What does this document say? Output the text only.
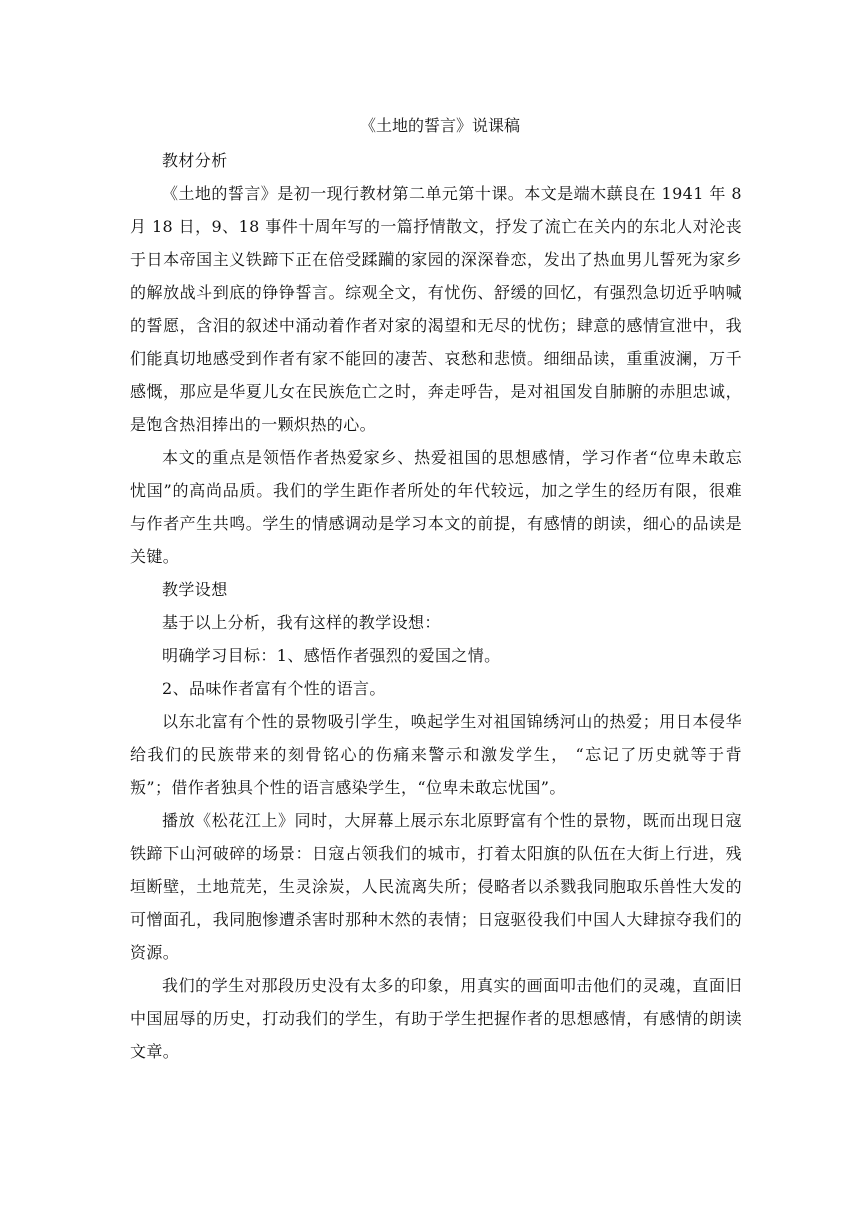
《土地的誓言》说课稿

教材分析

《土地的誓言》是初一现行教材第二单元第十课。本文是端木蕻良在 1941 年 8 月 18 日，9、18 事件十周年写的一篇抒情散文，抒发了流亡在关内的东北人对沦丧于日本帝国主义铁蹄下正在倍受蹂躏的家园的深深眷恋，发出了热血男儿誓死为家乡的解放战斗到底的铮铮誓言。综观全文，有忧伤、舒缓的回忆，有强烈急切近乎呐喊的誓愿，含泪的叙述中涌动着作者对家的渴望和无尽的忧伤；肆意的感情宣泄中，我们能真切地感受到作者有家不能回的凄苦、哀愁和悲愤。细细品读，重重波澜，万千感慨，那应是华夏儿女在民族危亡之时，奔走呼告，是对祖国发自肺腑的赤胆忠诚，是饱含热泪捧出的一颗炽热的心。

本文的重点是领悟作者热爱家乡、热爱祖国的思想感情，学习作者“位卑未敢忘忧国”的高尚品质。我们的学生距作者所处的年代较远，加之学生的经历有限，很难与作者产生共鸣。学生的情感调动是学习本文的前提，有感情的朗读，细心的品读是关键。

教学设想

基于以上分析，我有这样的教学设想：

明确学习目标：1、感悟作者强烈的爱国之情。

2、品味作者富有个性的语言。

以东北富有个性的景物吸引学生，唤起学生对祖国锦绣河山的热爱；用日本侵华给我们的民族带来的刻骨铭心的伤痛来警示和激发学生， “忘记了历史就等于背叛”；借作者独具个性的语言感染学生，“位卑未敢忘忧国”。

播放《松花江上》同时，大屏幕上展示东北原野富有个性的景物，既而出现日寇铁蹄下山河破碎的场景：日寇占领我们的城市，打着太阳旗的队伍在大街上行进，残垣断壁，土地荒芜，生灵涂炭，人民流离失所；侵略者以杀戮我同胞取乐兽性大发的可憎面孔，我同胞惨遭杀害时那种木然的表情；日寇驱役我们中国人大肆掠夺我们的资源。

我们的学生对那段历史没有太多的印象，用真实的画面叩击他们的灵魂，直面旧中国屈辱的历史，打动我们的学生，有助于学生把握作者的思想感情，有感情的朗读文章。
